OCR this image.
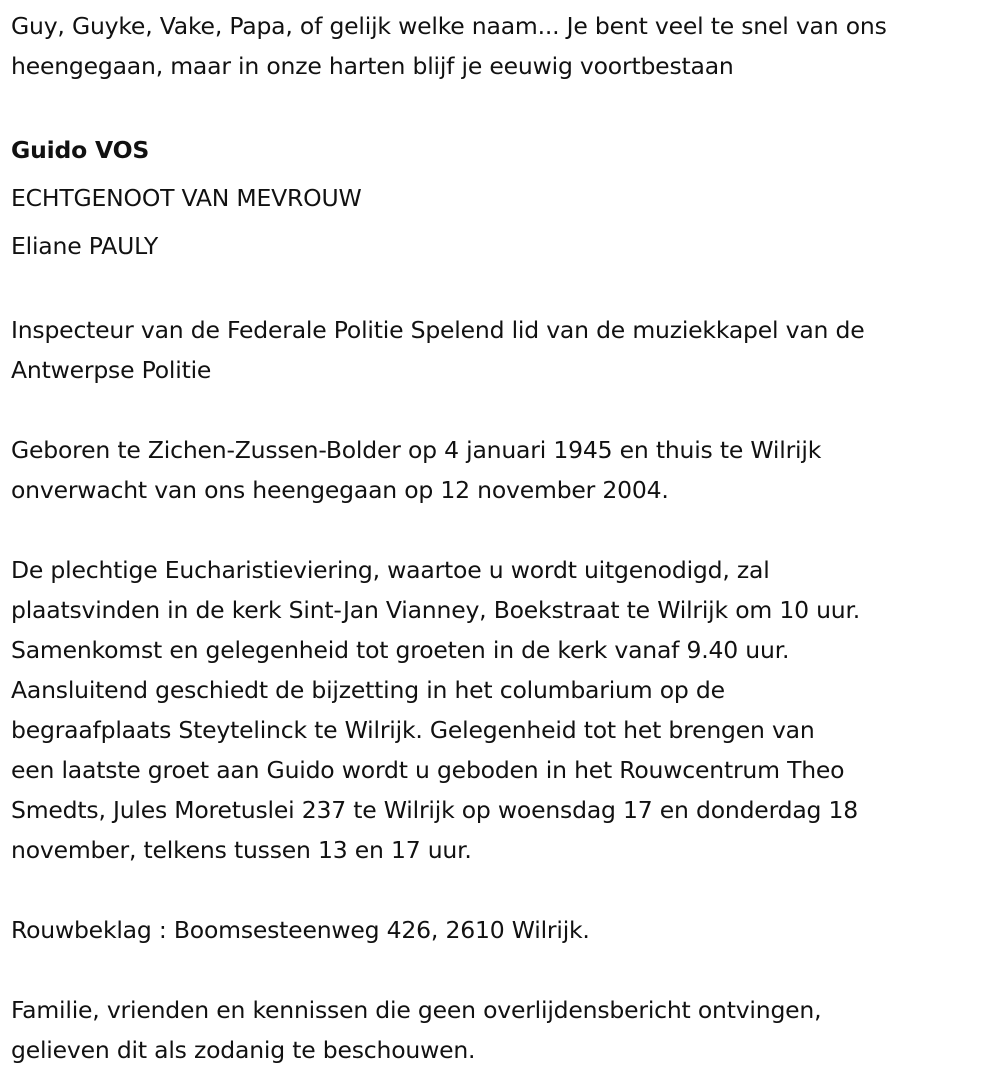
Guy, Guyke, Vake, Papa, of gelijk welke naam... Je bent veel te snel van ons
heengegaan, maar in onze harten blijf je eeuwig voortbestaan
Guido VOS
ECHTGENOOT VAN MEVROUW
Eliane PAULY
Inspecteur van de Federale Politie Spelend lid van de muziekkapel van de
Antwerpse Politie
Geboren te Zichen-Zussen-Bolder op 4 januari 1945 en thuis te Wilrijk
onverwacht van ons heengegaan op 12 november 2004.
De plechtige Eucharistieviering, waartoe u wordt uitgenodigd, zal
plaatsvinden in de kerk Sint-Jan Vianney, Boekstraat te Wilrijk om 10 uur.
Samenkomst en gelegenheid tot groeten in de kerk vanaf 9.40 uur.
Aansluitend geschiedt de bijzetting in het columbarium op de
begraafplaats Steytelinck te Wilrijk. Gelegenheid tot het brengen van
een laatste groet aan Guido wordt u geboden in het Rouwcentrum Theo
Smedts, Jules Moretuslei 237 te Wilrijk op woensdag 17 en donderdag 18
november, telkens tussen 13 en 17 uur.
Rouwbeklag : Boomsesteenweg 426, 2610 Wilrijk.
Familie, vrienden en kennissen die geen overlijdensbericht ontvingen,
gelieven dit als zodanig te beschouwen.
